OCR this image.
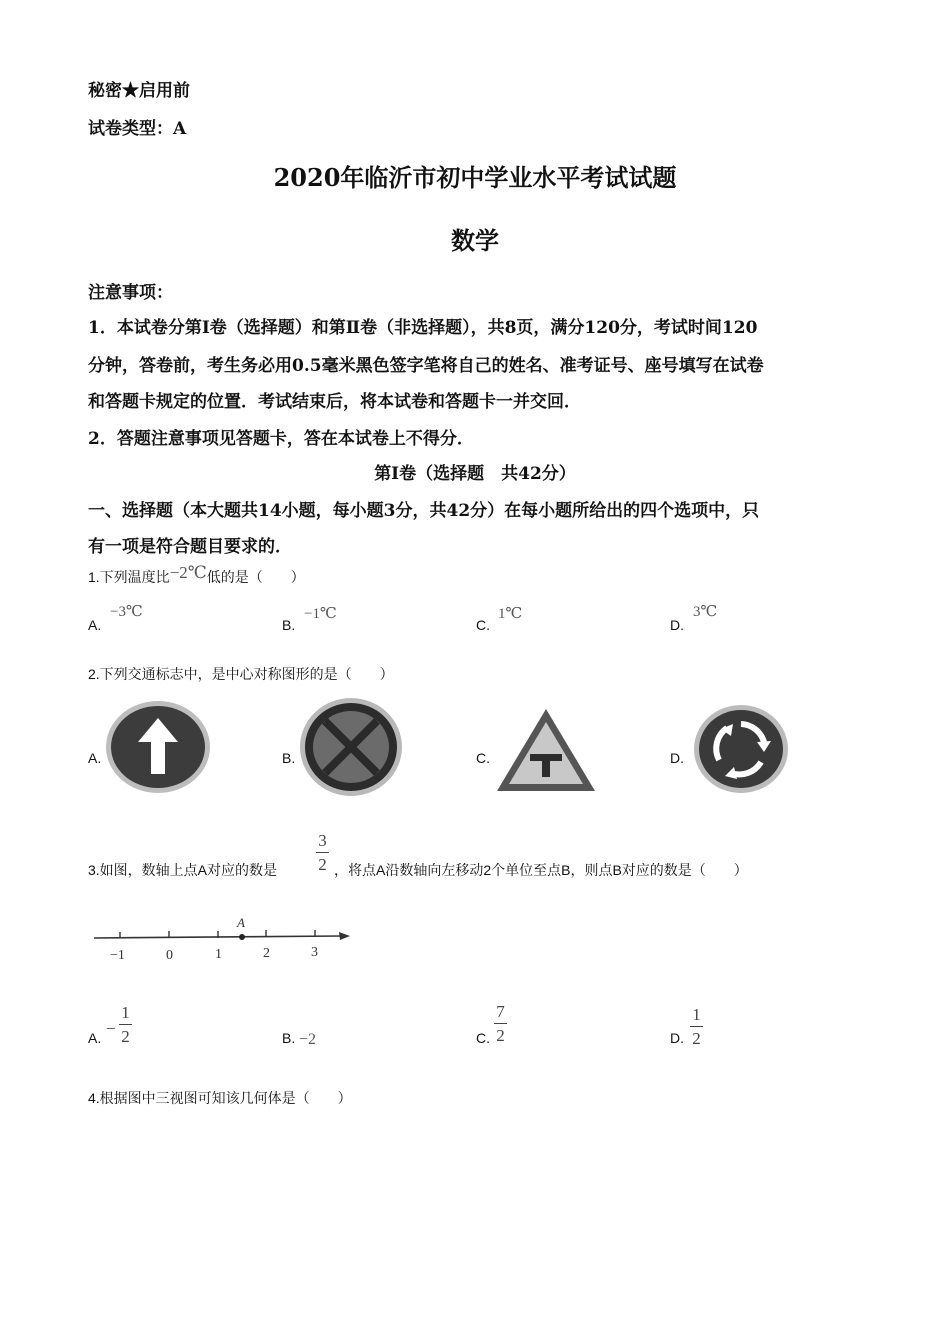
秘密★启用前
试卷类型：A
2020年临沂市初中学业水平考试试题
数学
注意事项：
1．本试卷分第Ⅰ卷（选择题）和第Ⅱ卷（非选择题），共8页，满分120分，考试时间120
分钟，答卷前，考生务必用0.5毫米黑色签字笔将自己的姓名、准考证号、座号填写在试卷
和答题卡规定的位置．考试结束后，将本试卷和答题卡一并交回．
2．答题注意事项见答题卡，答在本试卷上不得分．
第Ⅰ卷（选择题　共42分）
一、选择题（本大题共14小题，每小题3分，共42分）在每小题所给出的四个选项中，只
有一项是符合题目要求的．
1.下列温度比−2℃低的是（　　）
A.
−3℃
B.
−1℃
C.
1℃
D.
3℃
2.下列交通标志中，是中心对称图形的是（　　）
A.	B.	C.	D.
3.如图，数轴上点A对应的数是
3
2 ，将点A沿数轴向左移动2个单位至点B，则点B对应的数是（　　）
A
−1	0	1	2	3
A. −
1
2	B. −2	C.
7
2	D.
1
2
4.根据图中三视图可知该几何体是（　　）
